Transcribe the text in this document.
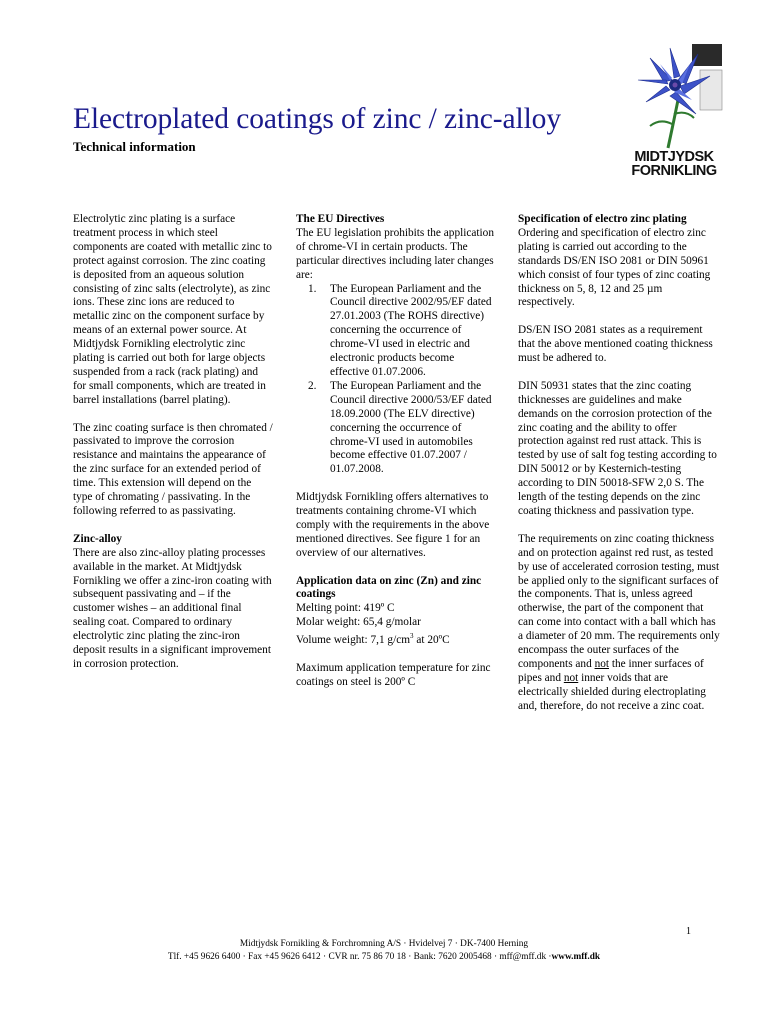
Electroplated coatings of zinc / zinc-alloy
Technical information
MIDTJYDSK
FORNIKLING

Electrolytic zinc plating is a surface treatment process in which steel components are coated with metallic zinc to protect against corrosion. The zinc coating is deposited from an aqueous solution consisting of zinc salts (electrolyte), as zinc ions. These zinc ions are reduced to metallic zinc on the component surface by means of an external power source. At Midtjydsk Fornikling electrolytic zinc plating is carried out both for large objects suspended from a rack (rack plating) and for small components, which are treated in barrel installations (barrel plating).

The zinc coating surface is then chromated / passivated to improve the corrosion resistance and maintains the appearance of the zinc surface for an extended period of time. This extension will depend on the type of chromating / passivating. In the following referred to as passivating.

Zinc-alloy
There are also zinc-alloy plating processes available in the market. At Midtjydsk Fornikling we offer a zinc-iron coating with subsequent passivating and – if the customer wishes – an additional final sealing coat. Compared to ordinary electrolytic zinc plating the zinc-iron deposit results in a significant improvement in corrosion protection.

The EU Directives
The EU legislation prohibits the application of chrome-VI in certain products. The particular directives including later changes are:

1. The European Parliament and the Council directive 2002/95/EF dated 27.01.2003 (The ROHS directive) concerning the occurrence of chrome-VI used in electric and electronic products become effective 01.07.2006.
2. The European Parliament and the Council directive 2000/53/EF dated 18.09.2000 (The ELV directive) concerning the occurrence of chrome-VI used in automobiles become effective 01.07.2007 / 01.07.2008.

Midtjydsk Fornikling offers alternatives to treatments containing chrome-VI which comply with the requirements in the above mentioned directives. See figure 1 for an overview of our alternatives.

Application data on zinc (Zn) and zinc coatings
Melting point: 419º C
Molar weight: 65,4 g/molar
Volume weight: 7,1 $g/cm^3$ at 20ºC

Maximum application temperature for zinc coatings on steel is 200º C

Specification of electro zinc plating
Ordering and specification of electro zinc plating is carried out according to the standards DS/EN ISO 2081 or DIN 50961 which consist of four types of zinc coating thickness on 5, 8, 12 and 25 µm respectively.

DS/EN ISO 2081 states as a requirement that the above mentioned coating thickness must be adhered to.

DIN 50931 states that the zinc coating thicknesses are guidelines and make demands on the corrosion protection of the zinc coating and the ability to offer protection against red rust attack. This is tested by use of salt fog testing according to DIN 50012 or by Kesternich-testing according to DIN 50018-SFW 2,0 S. The length of the testing depends on the zinc coating thickness and passivation type.

The requirements on zinc coating thickness and on protection against red rust, as tested by use of accelerated corrosion testing, must be applied only to the significant surfaces of the components. That is, unless agreed otherwise, the part of the component that can come into contact with a ball which has a diameter of 20 mm. The requirements only encompass the outer surfaces of the components and not the inner surfaces of pipes and not inner voids that are electrically shielded during electroplating and, therefore, do not receive a zinc coat.

1
Midtjydsk Fornikling & Forchromning A/S · Hvidelvej 7 · DK-7400 Herning
Tlf. +45 9626 6400 · Fax +45 9626 6412 · CVR nr. 75 86 70 18 · Bank: 7620 2005468 · mff@mff.dk ·www.mff.dk
